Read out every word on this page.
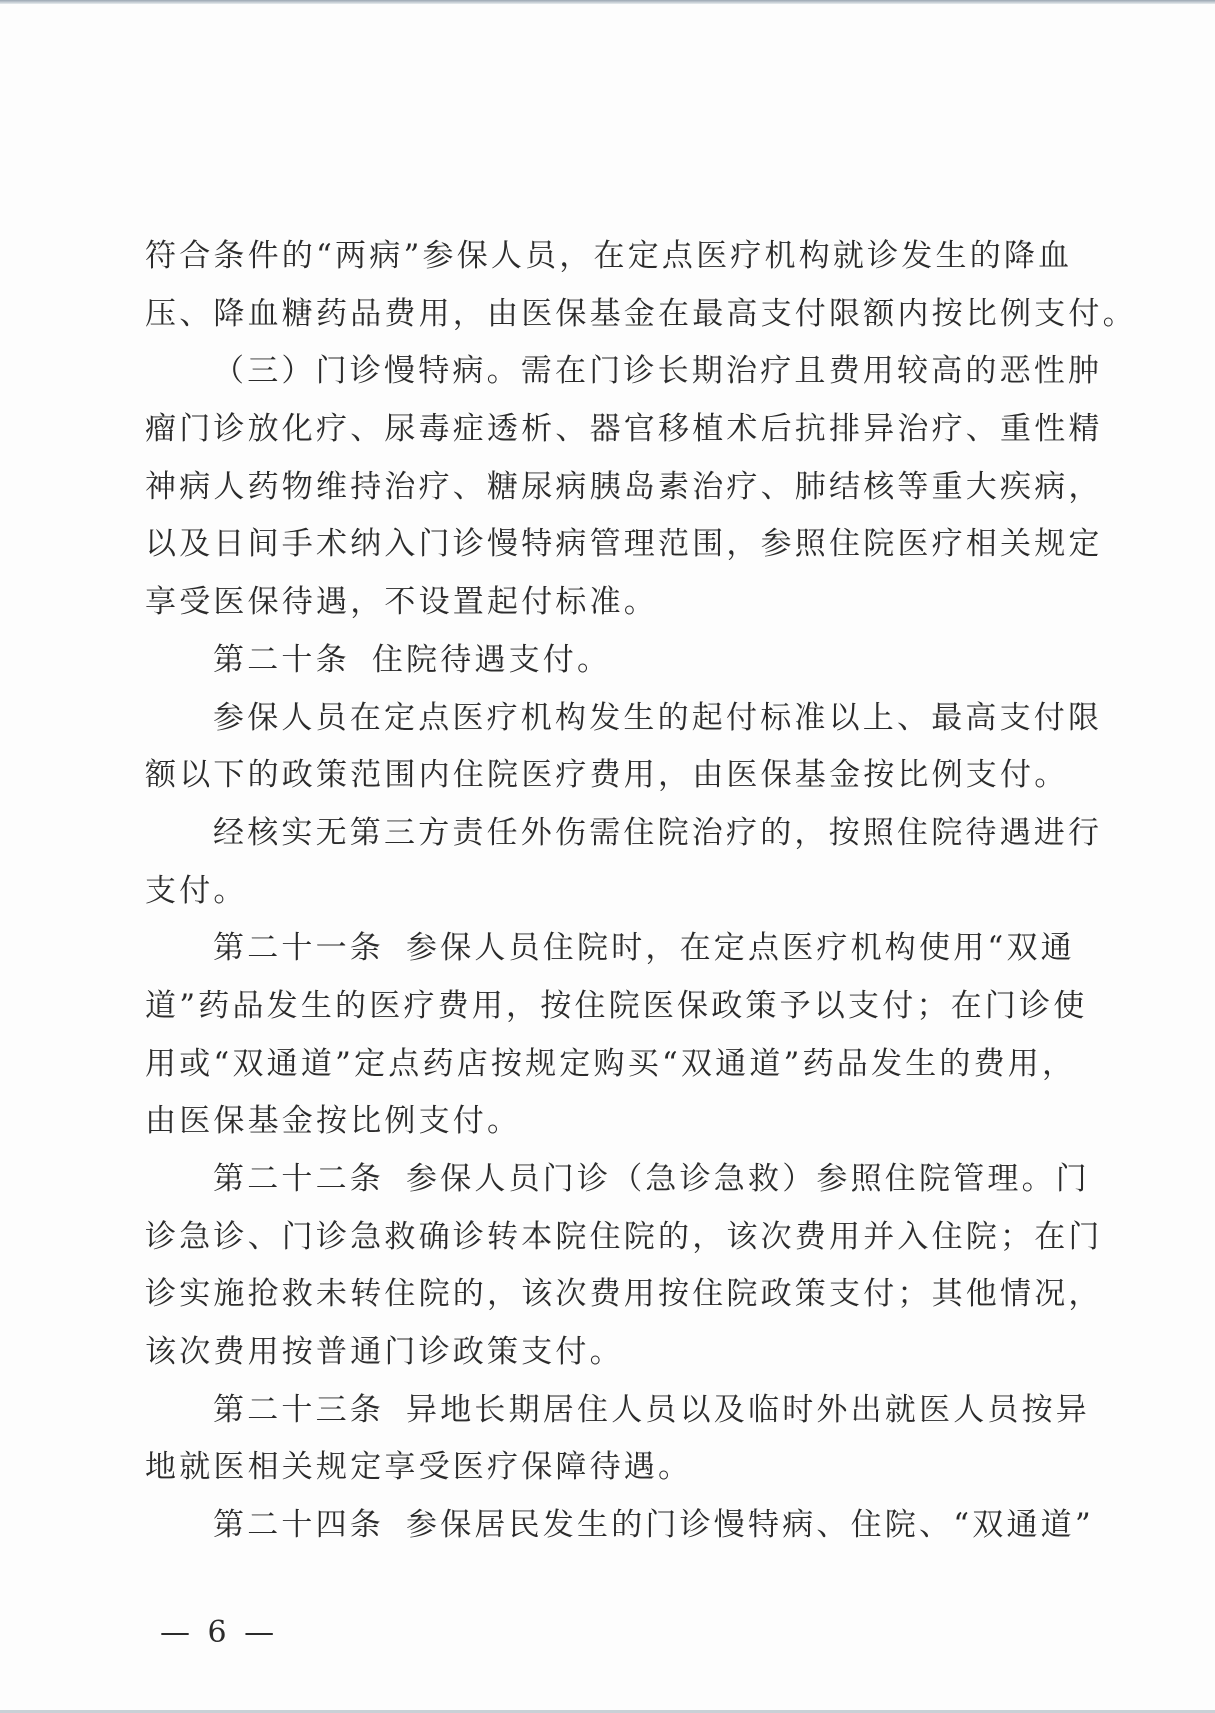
符合条件的“两病”参保人员，在定点医疗机构就诊发生的降血
压、降血糖药品费用，由医保基金在最高支付限额内按比例支付。
（三）门诊慢特病。需在门诊长期治疗且费用较高的恶性肿
瘤门诊放化疗、尿毒症透析、器官移植术后抗排异治疗、重性精
神病人药物维持治疗、糖尿病胰岛素治疗、肺结核等重大疾病，
以及日间手术纳入门诊慢特病管理范围，参照住院医疗相关规定
享受医保待遇，不设置起付标准。
第二十条 住院待遇支付。
参保人员在定点医疗机构发生的起付标准以上、最高支付限
额以下的政策范围内住院医疗费用，由医保基金按比例支付。
经核实无第三方责任外伤需住院治疗的，按照住院待遇进行
支付。
第二十一条 参保人员住院时，在定点医疗机构使用“双通
道”药品发生的医疗费用，按住院医保政策予以支付；在门诊使
用或“双通道”定点药店按规定购买“双通道”药品发生的费用，
由医保基金按比例支付。
第二十二条 参保人员门诊（急诊急救）参照住院管理。门
诊急诊、门诊急救确诊转本院住院的，该次费用并入住院；在门
诊实施抢救未转住院的，该次费用按住院政策支付；其他情况，
该次费用按普通门诊政策支付。
第二十三条 异地长期居住人员以及临时外出就医人员按异
地就医相关规定享受医疗保障待遇。
第二十四条 参保居民发生的门诊慢特病、住院、“双通道”
— 6 —
